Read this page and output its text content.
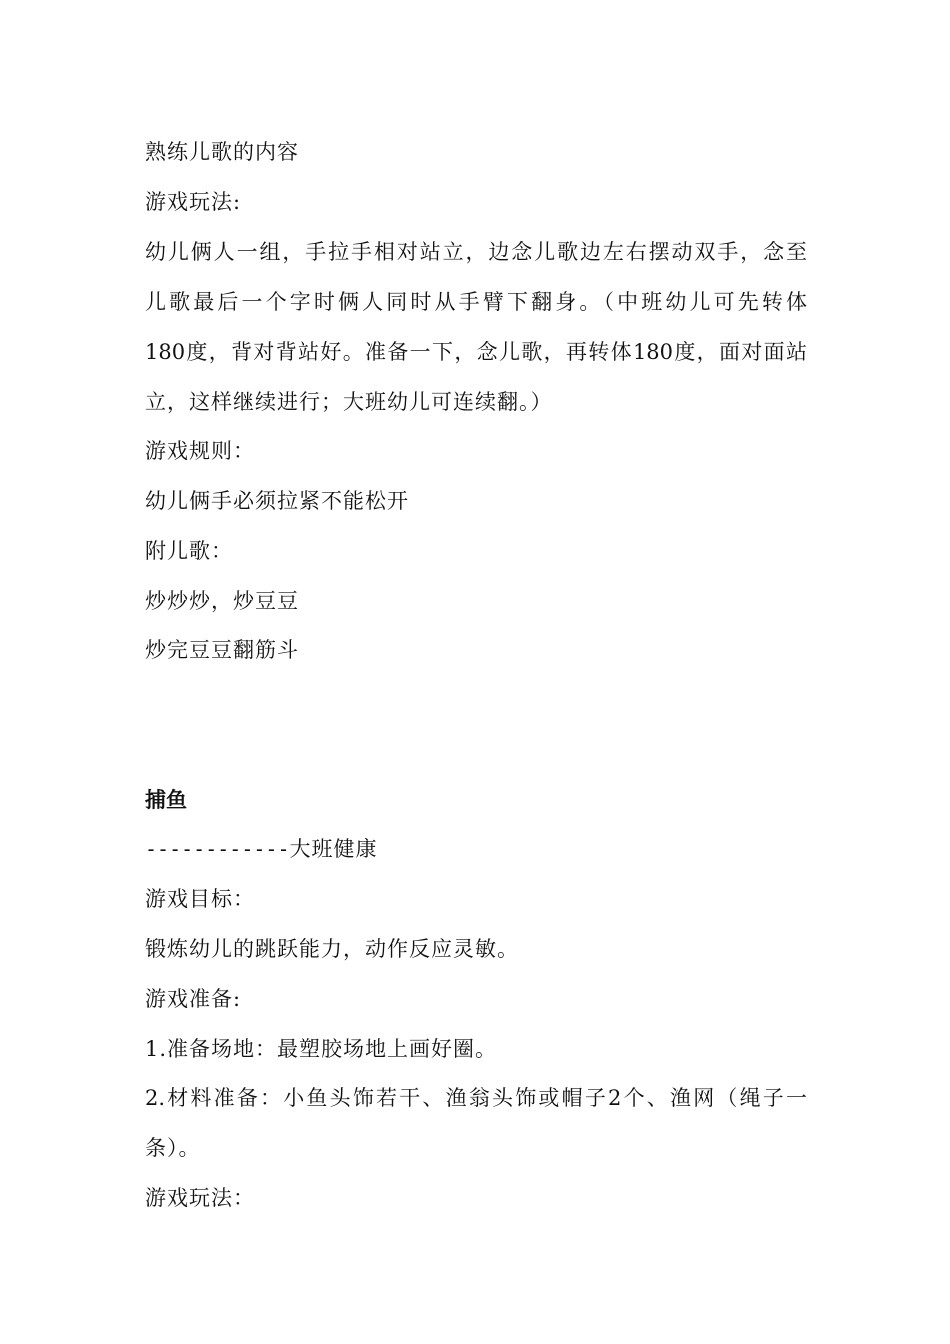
熟练儿歌的内容
游戏玩法:
幼儿俩人一组，手拉手相对站立，边念儿歌边左右摆动双手，念至
儿歌最后一个字时俩人同时从手臂下翻身。（中班幼儿可先转体
180度，背对背站好。准备一下，念儿歌，再转体180度，面对面站
立，这样继续进行；大班幼儿可连续翻。）
游戏规则：
幼儿俩手必须拉紧不能松开
附儿歌：
炒炒炒，炒豆豆
炒完豆豆翻筋斗
捕鱼
------------大班健康
游戏目标：
锻炼幼儿的跳跃能力，动作反应灵敏。
游戏准备:
1.准备场地：最塑胶场地上画好圈。
2.材料准备：小鱼头饰若干、渔翁头饰或帽子2个、渔网（绳子一
条）。
游戏玩法：
